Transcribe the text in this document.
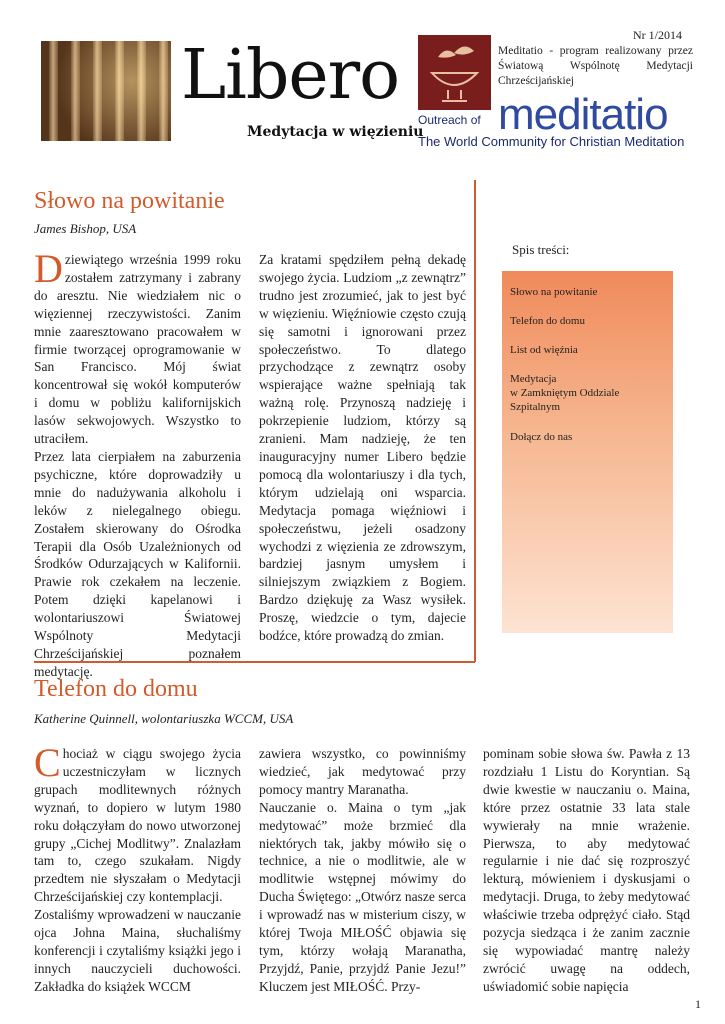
Libero
Medytacja w więzieniu
Nr 1/2014
Meditatio - program realizowany przez Światową Wspólnotę Medytacji Chrześcijańskiej
Outreach of meditatio
The World Community for Christian Meditation
Słowo na powitanie
James Bishop, USA

Dziewiątego września 1999 roku zostałem zatrzymany i zabrany do aresztu. Nie wiedziałem nic o więziennej rzeczywistości. Zanim mnie zaaresztowano pracowałem w firmie tworzącej oprogramowanie w San Francisco. Mój świat koncentrował się wokół komputerów i domu w pobliżu kalifornijskich lasów sekwojowych. Wszystko to utraciłem.

Przez lata cierpiałem na zaburzenia psychiczne, które doprowadziły u mnie do nadużywania alkoholu i leków z nielegalnego obiegu. Zostałem skierowany do Ośrodka Terapii dla Osób Uzależnionych od Środków Odurzających w Kalifornii. Prawie rok czekałem na leczenie. Potem dzięki kapelanowi i wolontariuszowi Światowej Wspólnoty Medytacji Chrześcijańskiej poznałem medytację.

Za kratami spędziłem pełną dekadę swojego życia. Ludziom „z zewnątrz” trudno jest zrozumieć, jak to jest być w więzieniu. Więźniowie często czują się samotni i ignorowani przez społeczeństwo. To dlatego przychodzące z zewnątrz osoby wspierające ważne spełniają tak ważną rolę. Przynoszą nadzieję i pokrzepienie ludziom, którzy są zranieni. Mam nadzieję, że ten inauguracyjny numer Libero będzie pomocą dla wolontariuszy i dla tych, którym udzielają oni wsparcia. Medytacja pomaga więźniowi i społeczeństwu, jeżeli osadzony wychodzi z więzienia ze zdrowszym, bardziej jasnym umysłem i silniejszym związkiem z Bogiem. Bardzo dziękuję za Wasz wysiłek. Proszę, wiedzcie o tym, dajecie bodźce, które prowadzą do zmian.

Spis treści:
Słowo na powitanie
Telefon do domu
List od więźnia
Medytacja
w Zamkniętym Oddziale Szpitalnym
Dołącz do nas
Telefon do domu
Katherine Quinnell, wolontariuszka WCCM, USA

Chociaż w ciągu swojego życia uczestniczyłam w licznych grupach modlitewnych różnych wyznań, to dopiero w lutym 1980 roku dołączyłam do nowo utworzonej grupy „Cichej Modlitwy”. Znalazłam tam to, czego szukałam. Nigdy przedtem nie słyszałam o Medytacji Chrześcijańskiej czy kontemplacji.

Zostaliśmy wprowadzeni w nauczanie ojca Johna Maina, słuchaliśmy konferencji i czytaliśmy książki jego i innych nauczycieli duchowości. Zakładka do książek WCCM

zawiera wszystko, co powinniśmy wiedzieć, jak medytować przy pomocy mantry Maranatha.

Nauczanie o. Maina o tym „jak medytować” może brzmieć dla niektórych tak, jakby mówiło się o technice, a nie o modlitwie, ale w modlitwie wstępnej mówimy do Ducha Świętego: „Otwórz nasze serca i wprowadź nas w misterium ciszy, w której Twoja MIŁOŚĆ objawia się tym, którzy wołają Maranatha, Przyjdź, Panie, przyjdź Panie Jezu!” Kluczem jest MIŁOŚĆ. Przy-

pominam sobie słowa św. Pawła z 13 rozdziału 1 Listu do Koryntian. Są dwie kwestie w nauczaniu o. Maina, które przez ostatnie 33 lata stale wywierały na mnie wrażenie. Pierwsza, to aby medytować regularnie i nie dać się rozproszyć lekturą, mówieniem i dyskusjami o medytacji. Druga, to żeby medytować właściwie trzeba odprężyć ciało. Stąd pozycja siedząca i że zanim zacznie się wypowiadać mantrę należy zwrócić uwagę na oddech, uświadomić sobie napięcia

1
